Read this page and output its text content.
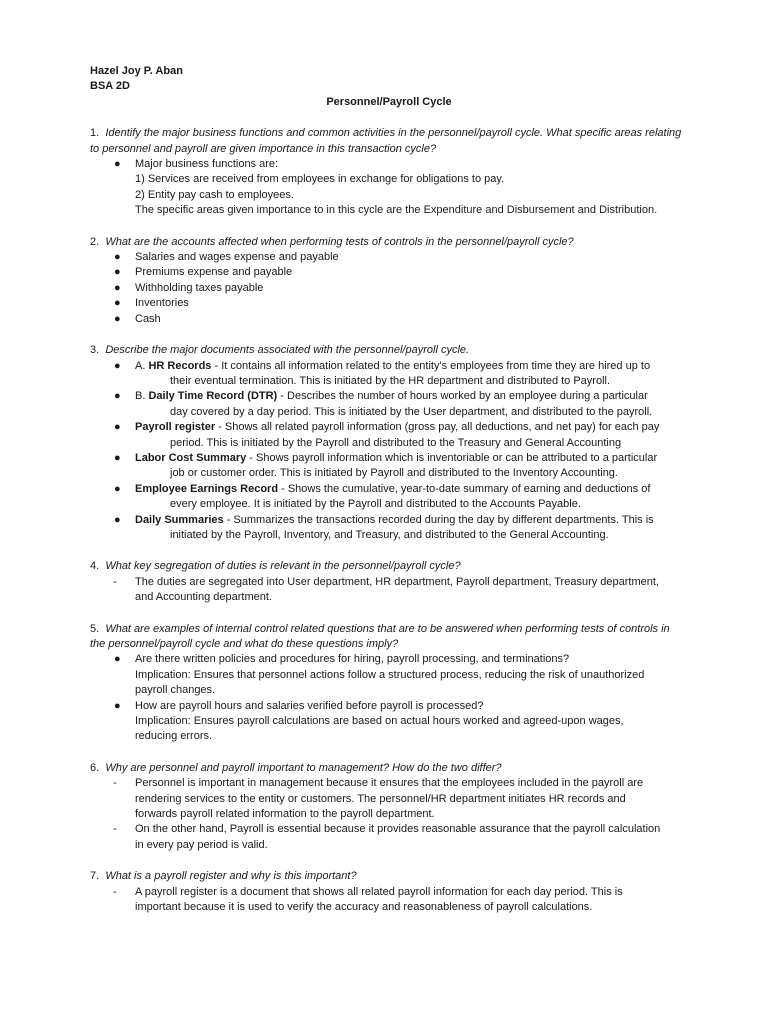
Hazel Joy P. Aban
BSA 2D
Personnel/Payroll Cycle
1. Identify the major business functions and common activities in the personnel/payroll cycle. What specific areas relating to personnel and payroll are given importance in this transaction cycle?
● Major business functions are:
1) Services are received from employees in exchange for obligations to pay.
2) Entity pay cash to employees.
The specific areas given importance to in this cycle are the Expenditure and Disbursement and Distribution.
2. What are the accounts affected when performing tests of controls in the personnel/payroll cycle?
● Salaries and wages expense and payable
● Premiums expense and payable
● Withholding taxes payable
● Inventories
● Cash
3. Describe the major documents associated with the personnel/payroll cycle.
● A. HR Records - It contains all information related to the entity's employees from time they are hired up to
their eventual termination. This is initiated by the HR department and distributed to Payroll.
● B. Daily Time Record (DTR) - Describes the number of hours worked by an employee during a particular
day covered by a day period. This is initiated by the User department, and distributed to the payroll.
● Payroll register - Shows all related payroll information (gross pay, all deductions, and net pay) for each pay
period. This is initiated by the Payroll and distributed to the Treasury and General Accounting
● Labor Cost Summary - Shows payroll information which is inventoriable or can be attributed to a particular
job or customer order. This is initiated by Payroll and distributed to the Inventory Accounting.
● Employee Earnings Record - Shows the cumulative, year-to-date summary of earning and deductions of
every employee. It is initiated by the Payroll and distributed to the Accounts Payable.
● Daily Summaries - Summarizes the transactions recorded during the day by different departments. This is
initiated by the Payroll, Inventory, and Treasury, and distributed to the General Accounting.
4. What key segregation of duties is relevant in the personnel/payroll cycle?
- The duties are segregated into User department, HR department, Payroll department, Treasury department,
and Accounting department.
5. What are examples of internal control related questions that are to be answered when performing tests of controls in the personnel/payroll cycle and what do these questions imply?
● Are there written policies and procedures for hiring, payroll processing, and terminations?
Implication: Ensures that personnel actions follow a structured process, reducing the risk of unauthorized
payroll changes.
● How are payroll hours and salaries verified before payroll is processed?
Implication: Ensures payroll calculations are based on actual hours worked and agreed-upon wages,
reducing errors.
6. Why are personnel and payroll important to management? How do the two differ?
- Personnel is important in management because it ensures that the employees included in the payroll are
rendering services to the entity or customers. The personnel/HR department initiates HR records and
forwards payroll related information to the payroll department.
- On the other hand, Payroll is essential because it provides reasonable assurance that the payroll calculation
in every pay period is valid.
7. What is a payroll register and why is this important?
- A payroll register is a document that shows all related payroll information for each day period. This is
important because it is used to verify the accuracy and reasonableness of payroll calculations.
